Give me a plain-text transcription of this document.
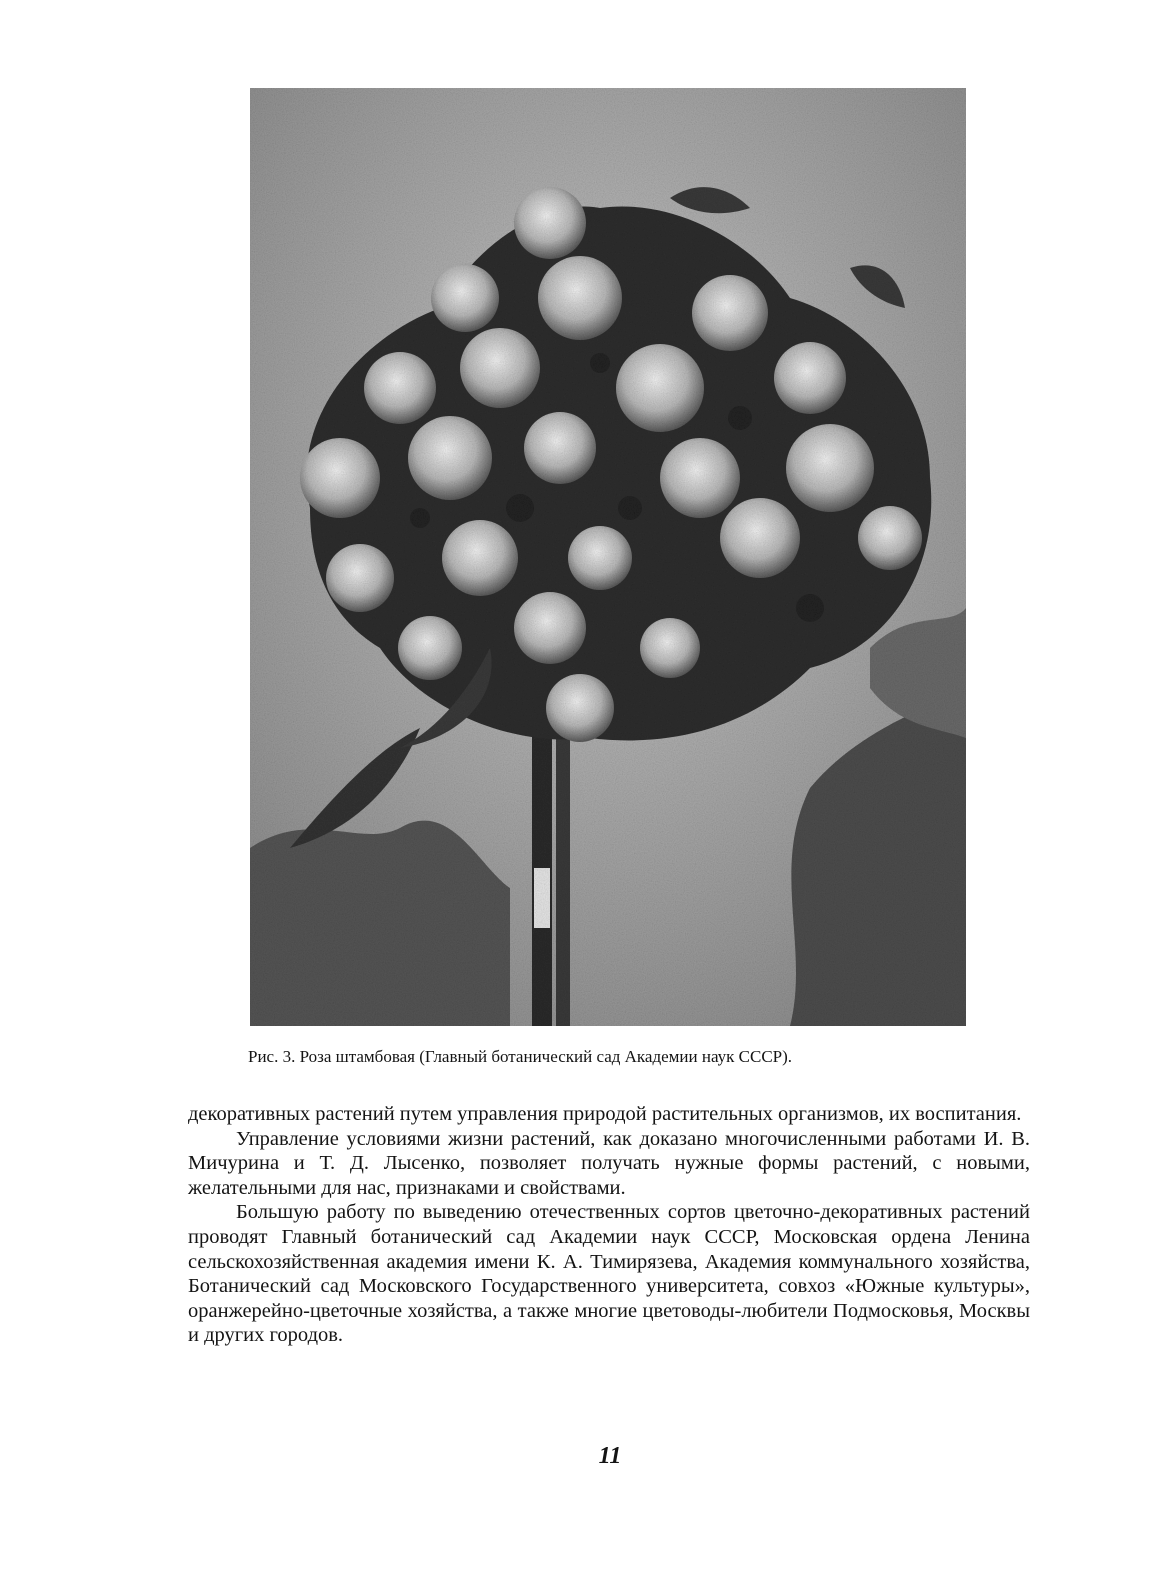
Рис. 3. Роза штамбовая (Главный ботанический сад Академии наук СССР).

декоративных растений путем управления природой растительных организмов, их воспитания.

Управление условиями жизни растений, как доказано многочисленными работами И. В. Мичурина и Т. Д. Лысенко, позволяет получать нужные формы растений, с новыми, желательными для нас, признаками и свойствами.

Большую работу по выведению отечественных сортов цветочно-декоративных растений проводят Главный ботанический сад Академии наук СССР, Московская ордена Ленина сельскохозяйственная академия имени К. А. Тимирязева, Академия коммунального хозяйства, Ботанический сад Московского Государственного университета, совхоз «Южные культуры», оранжерейно-цветочные хозяйства, а также многие цветоводы-любители Подмосковья, Москвы и других городов.

11
